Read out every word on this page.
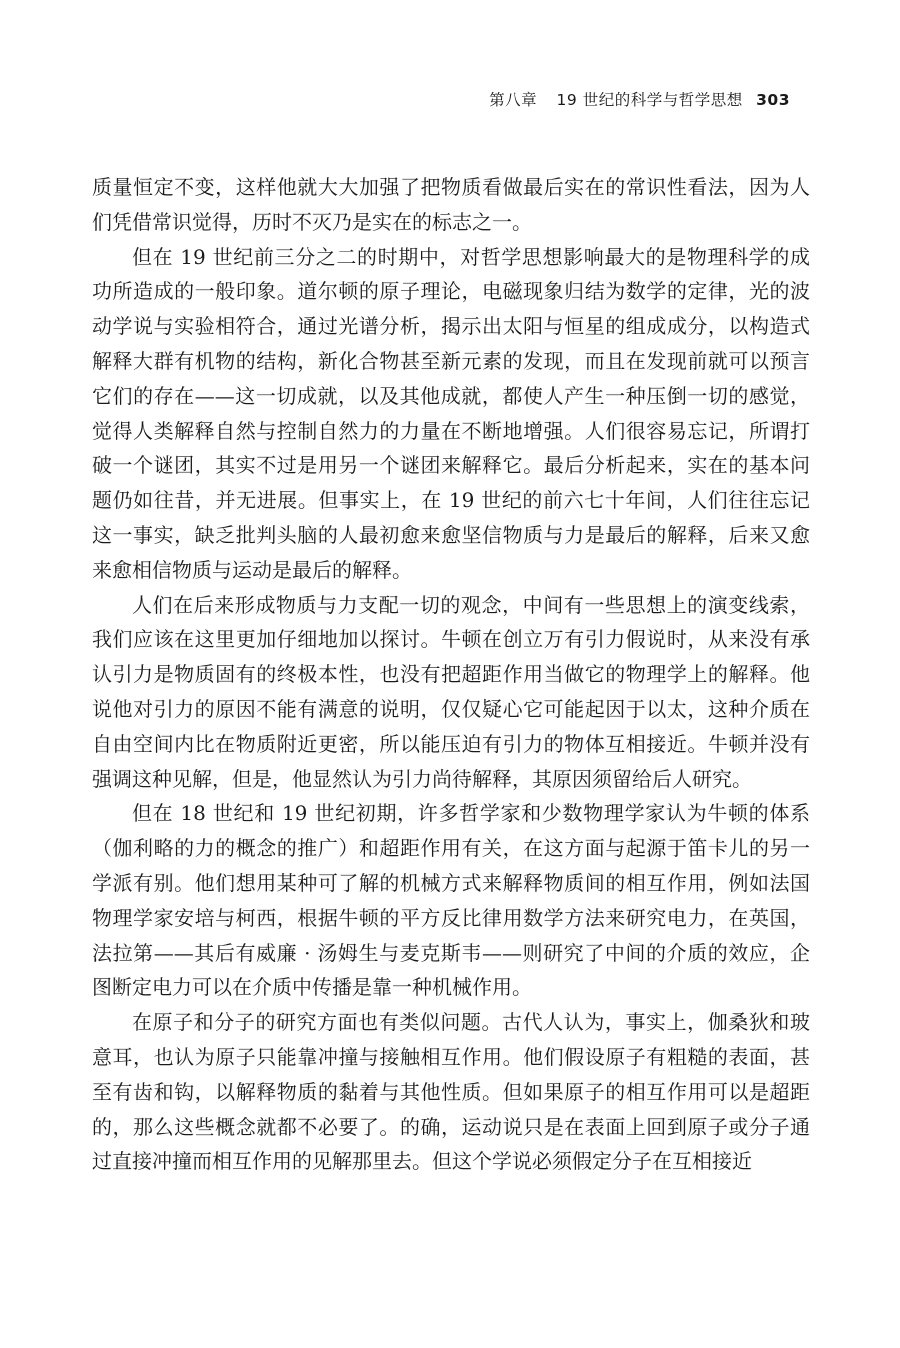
第八章 19 世纪的科学与哲学思想 303

质量恒定不变，这样他就大大加强了把物质看做最后实在的常识性看法，因为人们凭借常识觉得，历时不灭乃是实在的标志之一。

但在 19 世纪前三分之二的时期中，对哲学思想影响最大的是物理科学的成功所造成的一般印象。道尔顿的原子理论，电磁现象归结为数学的定律，光的波动学说与实验相符合，通过光谱分析，揭示出太阳与恒星的组成成分，以构造式解释大群有机物的结构，新化合物甚至新元素的发现，而且在发现前就可以预言它们的存在——这一切成就，以及其他成就，都使人产生一种压倒一切的感觉，觉得人类解释自然与控制自然力的力量在不断地增强。人们很容易忘记，所谓打破一个谜团，其实不过是用另一个谜团来解释它。最后分析起来，实在的基本问题仍如往昔，并无进展。但事实上，在 19 世纪的前六七十年间，人们往往忘记这一事实，缺乏批判头脑的人最初愈来愈坚信物质与力是最后的解释，后来又愈来愈相信物质与运动是最后的解释。

人们在后来形成物质与力支配一切的观念，中间有一些思想上的演变线索，我们应该在这里更加仔细地加以探讨。牛顿在创立万有引力假说时，从来没有承认引力是物质固有的终极本性，也没有把超距作用当做它的物理学上的解释。他说他对引力的原因不能有满意的说明，仅仅疑心它可能起因于以太，这种介质在自由空间内比在物质附近更密，所以能压迫有引力的物体互相接近。牛顿并没有强调这种见解，但是，他显然认为引力尚待解释，其原因须留给后人研究。

但在 18 世纪和 19 世纪初期，许多哲学家和少数物理学家认为牛顿的体系（伽利略的力的概念的推广）和超距作用有关，在这方面与起源于笛卡儿的另一学派有别。他们想用某种可了解的机械方式来解释物质间的相互作用，例如法国物理学家安培与柯西，根据牛顿的平方反比律用数学方法来研究电力，在英国，法拉第——其后有威廉 · 汤姆生与麦克斯韦——则研究了中间的介质的效应，企图断定电力可以在介质中传播是靠一种机械作用。

在原子和分子的研究方面也有类似问题。古代人认为，事实上，伽桑狄和玻意耳，也认为原子只能靠冲撞与接触相互作用。他们假设原子有粗糙的表面，甚至有齿和钩，以解释物质的黏着与其他性质。但如果原子的相互作用可以是超距的，那么这些概念就都不必要了。的确，运动说只是在表面上回到原子或分子通过直接冲撞而相互作用的见解那里去。但这个学说必须假定分子在互相接近
